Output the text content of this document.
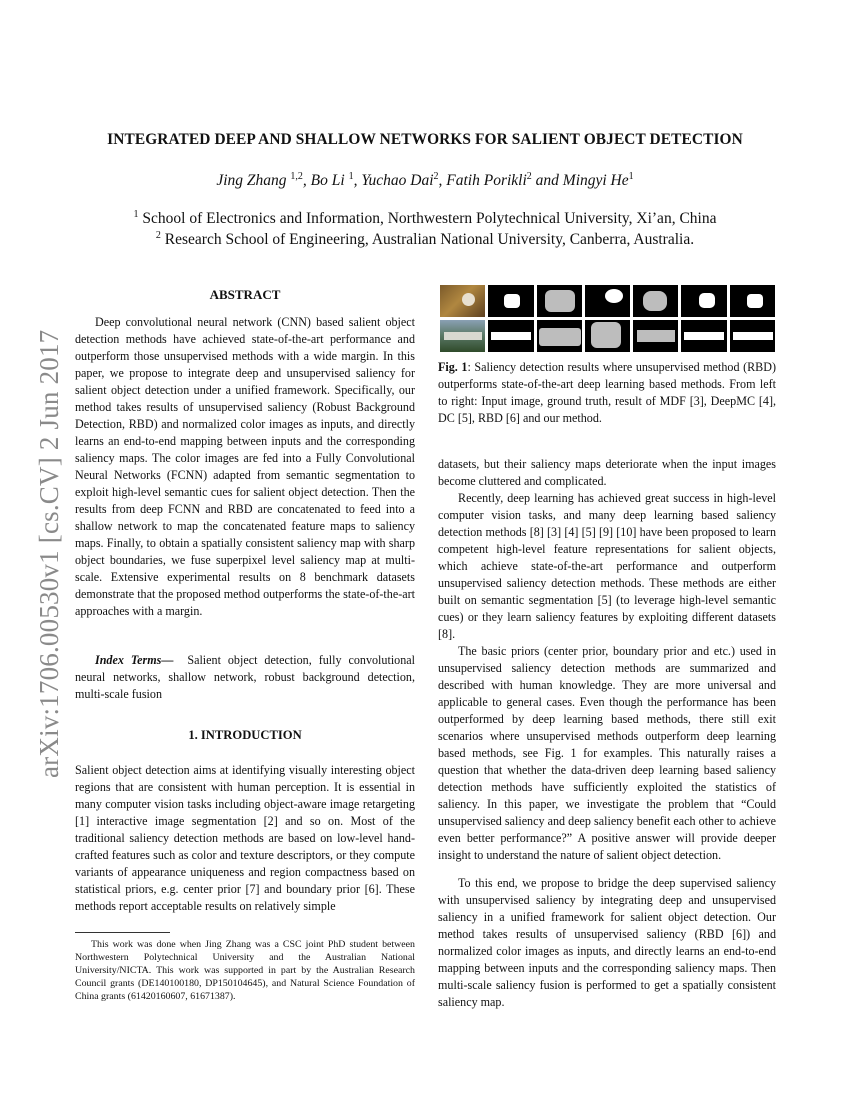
arXiv:1706.00530v1 [cs.CV] 2 Jun 2017
INTEGRATED DEEP AND SHALLOW NETWORKS FOR SALIENT OBJECT DETECTION
Jing Zhang $^{1,2}$, Bo Li $^1$, Yuchao Dai$^2$, Fatih Porikli$^2$ and Mingyi He$^1$
$^1$ School of Electronics and Information, Northwestern Polytechnical University, Xi’an, China
$^2$ Research School of Engineering, Australian National University, Canberra, Australia.
ABSTRACT

Deep convolutional neural network (CNN) based salient object detection methods have achieved state-of-the-art performance and outperform those unsupervised methods with a wide margin. In this paper, we propose to integrate deep and unsupervised saliency for salient object detection under a unified framework. Specifically, our method takes results of unsupervised saliency (Robust Background Detection, RBD) and normalized color images as inputs, and directly learns an end-to-end mapping between inputs and the corresponding saliency maps. The color images are fed into a Fully Convolutional Neural Networks (FCNN) adapted from semantic segmentation to exploit high-level semantic cues for salient object detection. Then the results from deep FCNN and RBD are concatenated to feed into a shallow network to map the concatenated feature maps to saliency maps. Finally, to obtain a spatially consistent saliency map with sharp object boundaries, we fuse superpixel level saliency map at multi-scale. Extensive experimental results on 8 benchmark datasets demonstrate that the proposed method outperforms the state-of-the-art approaches with a margin.

Index Terms— Salient object detection, fully convolutional neural networks, shallow network, robust background detection, multi-scale fusion

1. INTRODUCTION

Salient object detection aims at identifying visually interesting object regions that are consistent with human perception. It is essential in many computer vision tasks including object-aware image retargeting [1] interactive image segmentation [2] and so on. Most of the traditional saliency detection methods are based on low-level hand-crafted features such as color and texture descriptors, or they compute variants of appearance uniqueness and region compactness based on statistical priors, e.g. center prior [7] and boundary prior [6]. These methods report acceptable results on relatively simple

This work was done when Jing Zhang was a CSC joint PhD student between Northwestern Polytechnical University and the Australian National University/NICTA. This work was supported in part by the Australian Research Council grants (DE140100180, DP150104645), and Natural Science Foundation of China grants (61420160607, 61671387).

Fig. 1: Saliency detection results where unsupervised method (RBD) outperforms state-of-the-art deep learning based methods. From left to right: Input image, ground truth, result of MDF [3], DeepMC [4], DC [5], RBD [6] and our method.

datasets, but their saliency maps deteriorate when the input images become cluttered and complicated.

Recently, deep learning has achieved great success in high-level computer vision tasks, and many deep learning based saliency detection methods [8] [3] [4] [5] [9] [10] have been proposed to learn competent high-level feature representations for salient objects, which achieve state-of-the-art performance and outperform unsupervised saliency detection methods. These methods are either built on semantic segmentation [5] (to leverage high-level semantic cues) or they learn saliency features by exploiting different datasets [8].

The basic priors (center prior, boundary prior and etc.) used in unsupervised saliency detection methods are summarized and described with human knowledge. They are more universal and applicable to general cases. Even though the performance has been outperformed by deep learning based methods, there still exit scenarios where unsupervised methods outperform deep learning based methods, see Fig. 1 for examples. This naturally raises a question that whether the data-driven deep learning based saliency detection methods have sufficiently exploited the statistics of saliency. In this paper, we investigate the problem that “Could unsupervised saliency and deep saliency benefit each other to achieve even better performance?” A positive answer will provide deeper insight to understand the nature of salient object detection.

To this end, we propose to bridge the deep supervised saliency with unsupervised saliency by integrating deep and unsupervised saliency in a unified framework for salient object detection. Our method takes results of unsupervised saliency (RBD [6]) and normalized color images as inputs, and directly learns an end-to-end mapping between inputs and the corresponding saliency maps. Then multi-scale saliency fusion is performed to get a spatially consistent saliency map.
